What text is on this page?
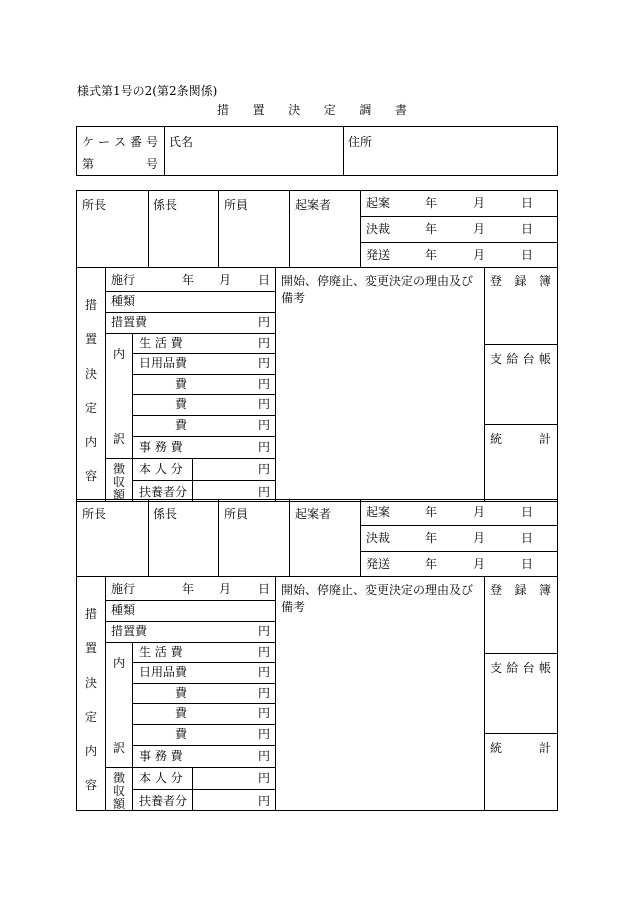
様式第1号の2(第2条関係)
措 置 決 定 調 書
ケ ー ス 番 号
第	号
氏名	住所
所長	係長	所員	起案者	起案	年	月	日
決裁	年	月	日
発送	年	月	日
措
置
決
定
内
容
施行	年 月 日
種類
措置費	円
内
訳
生 活 費	円
日用品費	円
費	円
費	円
費	円
事 務 費	円
徴
収
額
本 人 分	円
扶養者分	円
開始、停廃止、変更決定の理由及び備考
登 録 簿
支 給 台 帳
統	計
所長	係長	所員	起案者	起案	年	月	日
決裁	年	月	日
発送	年	月	日
措
置
決
定
内
容
施行	年 月 日
種類
措置費	円
内
訳
生 活 費	円
日用品費	円
費	円
費	円
費	円
事 務 費	円
徴
収
額
本 人 分	円
扶養者分	円
開始、停廃止、変更決定の理由及び備考
登 録 簿
支 給 台 帳
統	計
